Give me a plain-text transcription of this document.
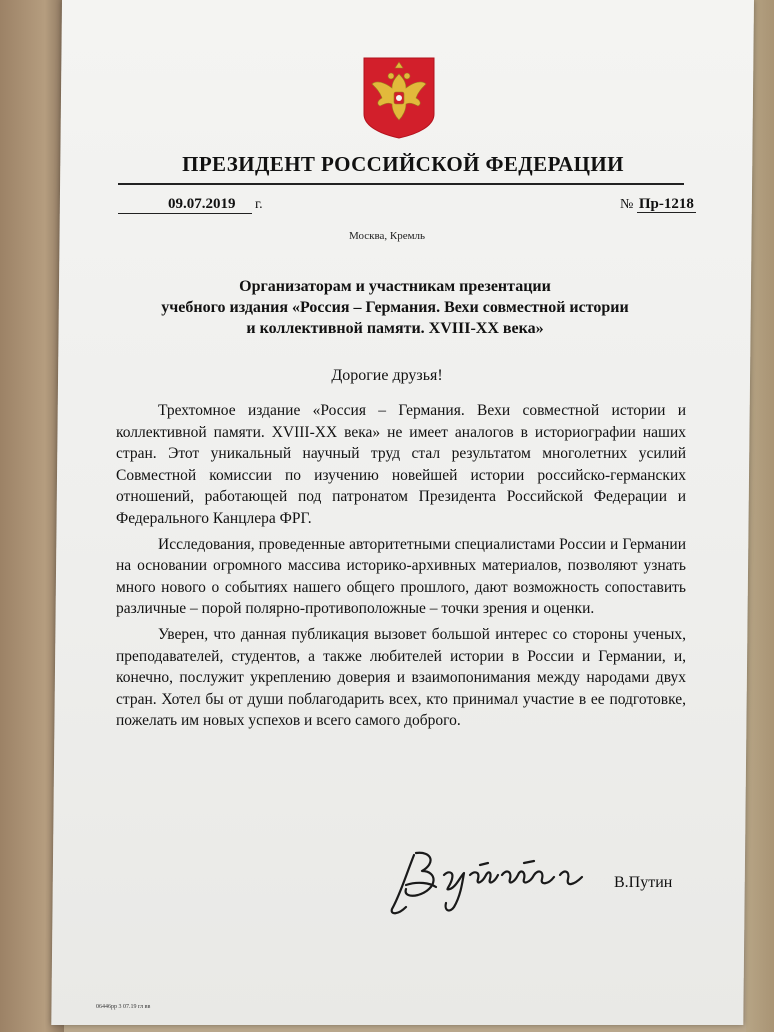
ПРЕЗИДЕНТ РОССИЙСКОЙ ФЕДЕРАЦИИ
09.07.2019 г.	№ Пр-1218
Москва, Кремль
Организаторам и участникам презентации
учебного издания «Россия – Германия. Вехи совместной истории
и коллективной памяти. XVIII-XX века»
Дорогие друзья!

Трехтомное издание «Россия – Германия. Вехи совместной истории и коллективной памяти. XVIII-XX века» не имеет аналогов в историографии наших стран. Этот уникальный научный труд стал результатом многолетних усилий Совместной комиссии по изучению новейшей истории российско-германских отношений, работающей под патронатом Президента Российской Федерации и Федерального Канцлера ФРГ.

Исследования, проведенные авторитетными специалистами России и Германии на основании огромного массива историко-архивных материалов, позволяют узнать много нового о событиях нашего общего прошлого, дают возможность сопоставить различные – порой полярно-противоположные – точки зрения и оценки.

Уверен, что данная публикация вызовет большой интерес со стороны ученых, преподавателей, студентов, а также любителей истории в России и Германии, и, конечно, послужит укреплению доверия и взаимопонимания между народами двух стран. Хотел бы от души поблагодарить всех, кто принимал участие в ее подготовке, пожелать им новых успехов и всего самого доброго.

В.Путин
06446рр 3 07.19 гл вв
